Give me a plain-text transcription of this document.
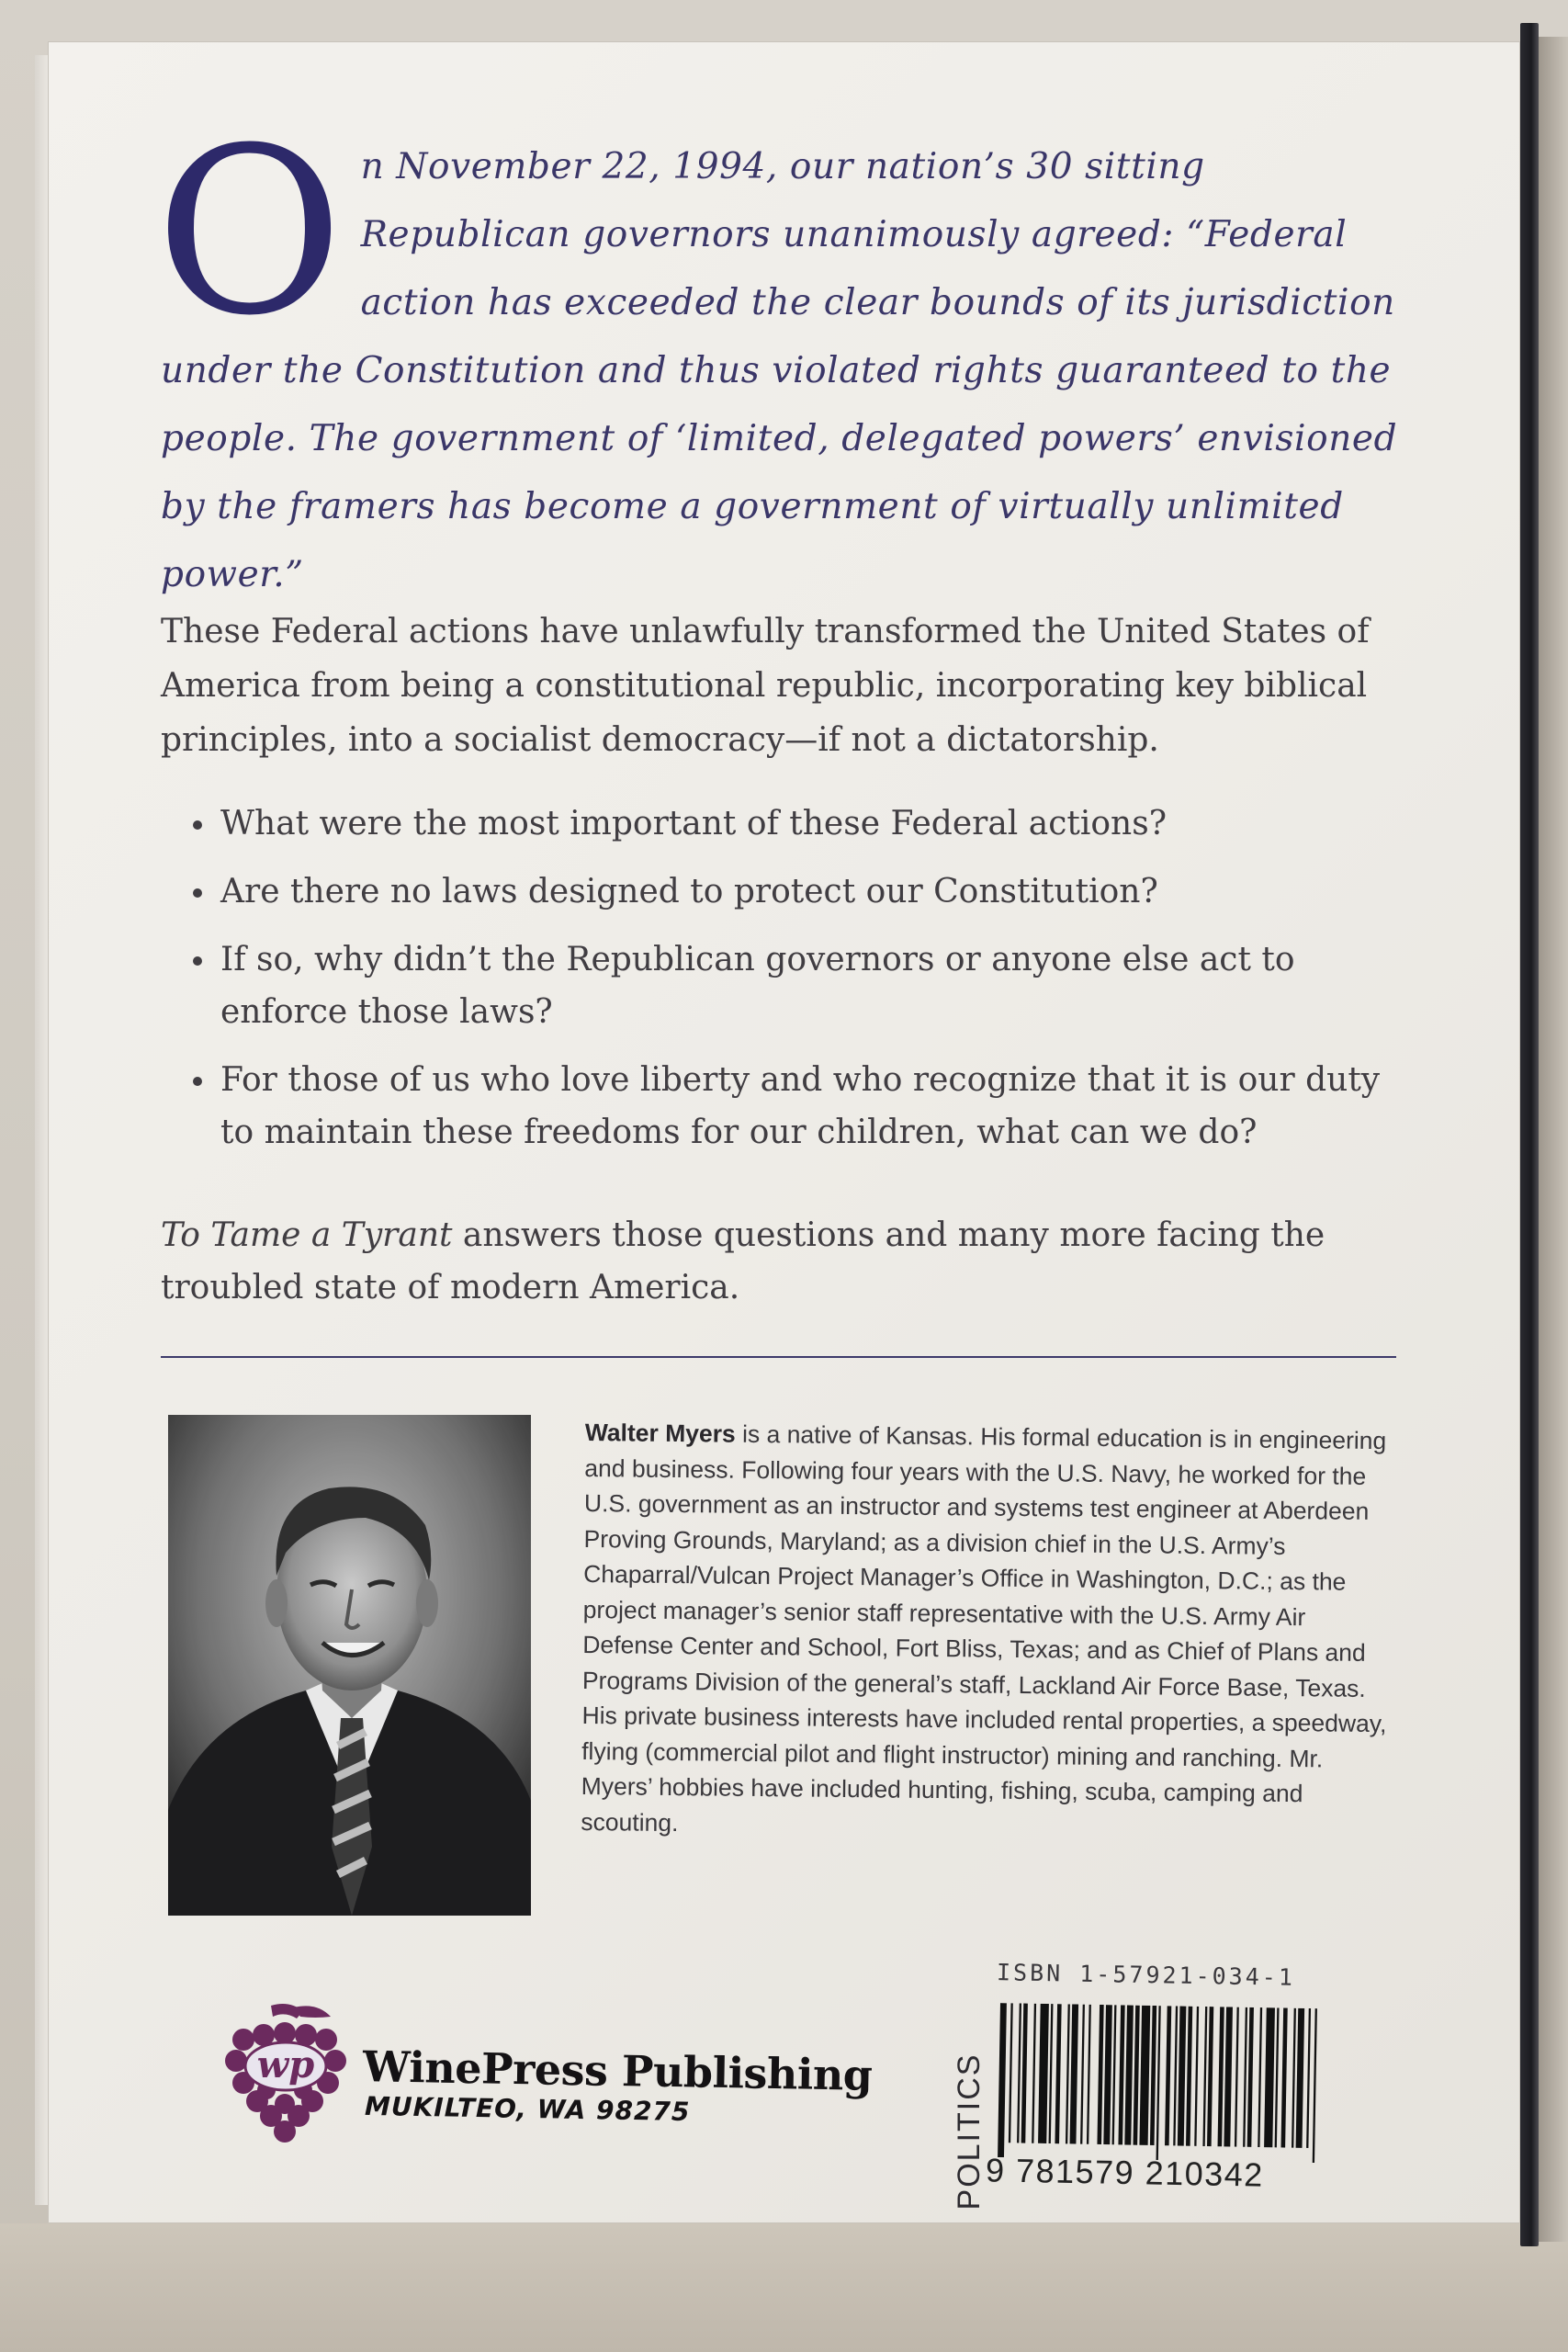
On November 22, 1994, our nation’s 30 sitting Republican governors unanimously agreed: “Federal action has exceeded the clear bounds of its jurisdiction under the Constitution and thus violated rights guaranteed to the people. The government of ‘limited, delegated powers’ envisioned by the framers has become a government of virtually unlimited power.”
These Federal actions have unlawfully transformed the United States of America from being a constitutional republic, incorporating key biblical principles, into a socialist democracy—if not a dictatorship.
What were the most important of these Federal actions?
Are there no laws designed to protect our Constitution?
If so, why didn’t the Republican governors or anyone else act to enforce those laws?
For those of us who love liberty and who recognize that it is our duty to maintain these freedoms for our children, what can we do?
To Tame a Tyrant answers those questions and many more facing the troubled state of modern America.
Walter Myers is a native of Kansas. His formal education is in engineering and business. Following four years with the U.S. Navy, he worked for the U.S. government as an instructor and systems test engineer at Aberdeen Proving Grounds, Maryland; as a division chief in the U.S. Army’s Chaparral/Vulcan Project Manager’s Office in Washington, D.C.; as the project manager’s senior staff representative with the U.S. Army Air Defense Center and School, Fort Bliss, Texas; and as Chief of Plans and Programs Division of the general’s staff, Lackland Air Force Base, Texas. His private business interests have included rental properties, a speedway, flying (commercial pilot and flight instructor) mining and ranching. Mr. Myers’ hobbies have included hunting, fishing, scuba, camping and scouting.
wp WinePress Publishing
MUKILTEO, WA 98275	POLITICS
ISBN 1-57921-034-1
9 781579 210342
